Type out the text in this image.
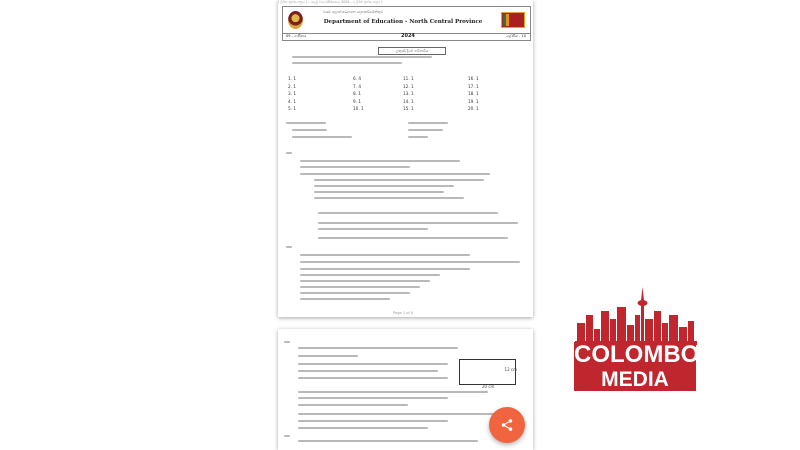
( ලිඛිත ප්‍රශ්ණ පත්‍රය ) -- පළමු වාර පරීක්ෂණය 2024 -- ( ලිඛිත ප්‍රශ්ණ පත්‍රය )
වයඹ පළාත් අධ්‍යාපන දෙපාර්තමේන්තුව
Department of Education - North Central Province
09 - ගණිතය	2024	ශ්‍රේණිය - 10
ලකුණු දීමේ පටිපාටිය
1. 1	6. 4	11. 1	16. 1
2. 1	7. 4	12. 1	17. 1
3. 1	8. 1	13. 1	18. 1
4. 1	9. 1	14. 1	19. 1
5. 1	10. 1	15. 1	20. 1
Page 1 of 4
12 cm
20 cm
COLOMBO
MEDIA
